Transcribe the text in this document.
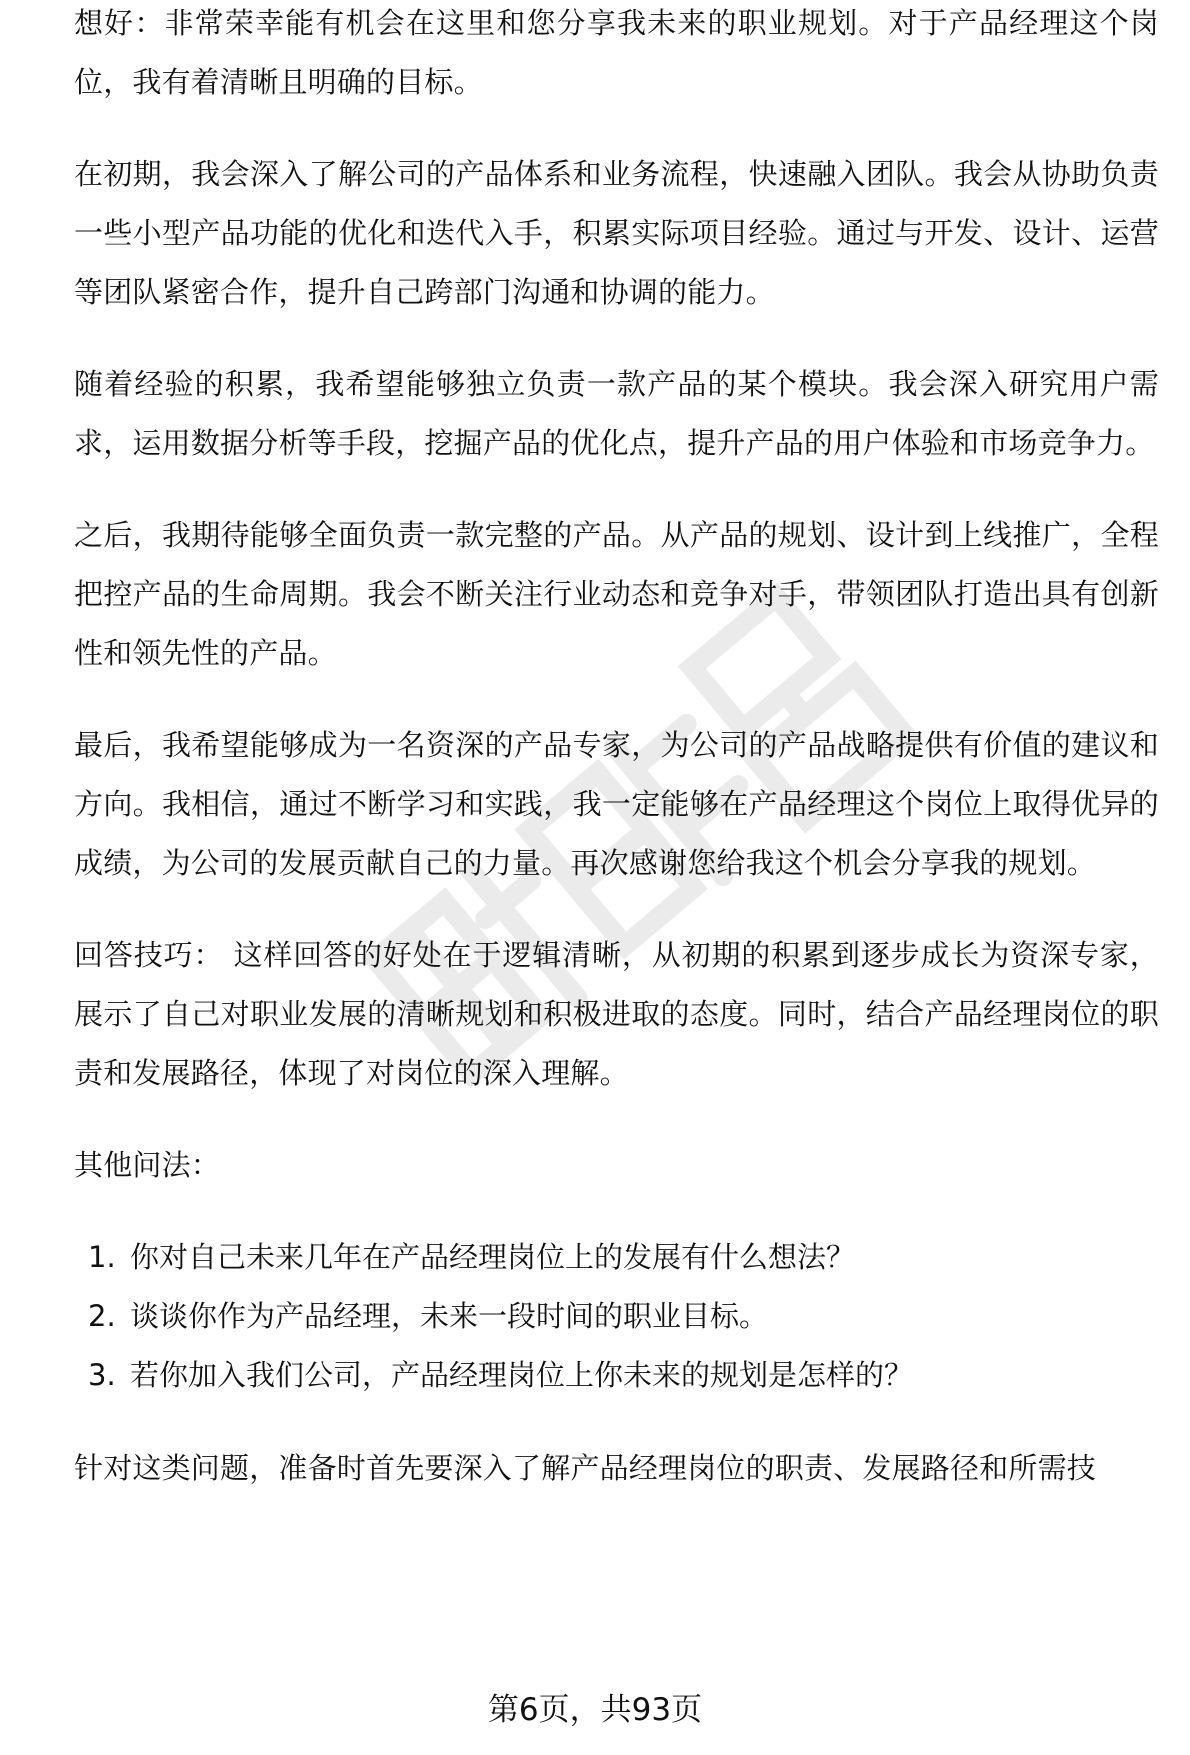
想好：非常荣幸能有机会在这里和您分享我未来的职业规划。对于产品经理这个岗位，我有着清晰且明确的目标。

在初期，我会深入了解公司的产品体系和业务流程，快速融入团队。我会从协助负责一些小型产品功能的优化和迭代入手，积累实际项目经验。通过与开发、设计、运营等团队紧密合作，提升自己跨部门沟通和协调的能力。

随着经验的积累，我希望能够独立负责一款产品的某个模块。我会深入研究用户需求，运用数据分析等手段，挖掘产品的优化点，提升产品的用户体验和市场竞争力。

之后，我期待能够全面负责一款完整的产品。从产品的规划、设计到上线推广，全程把控产品的生命周期。我会不断关注行业动态和竞争对手，带领团队打造出具有创新性和领先性的产品。

最后，我希望能够成为一名资深的产品专家，为公司的产品战略提供有价值的建议和方向。我相信，通过不断学习和实践，我一定能够在产品经理这个岗位上取得优异的成绩，为公司的发展贡献自己的力量。再次感谢您给我这个机会分享我的规划。

回答技巧： 这样回答的好处在于逻辑清晰，从初期的积累到逐步成长为资深专家，展示了自己对职业发展的清晰规划和积极进取的态度。同时，结合产品经理岗位的职责和发展路径，体现了对岗位的深入理解。

其他问法：

1. 你对自己未来几年在产品经理岗位上的发展有什么想法？
2. 谈谈你作为产品经理，未来一段时间的职业目标。
3. 若你加入我们公司，产品经理岗位上你未来的规划是怎样的？

针对这类问题，准备时首先要深入了解产品经理岗位的职责、发展路径和所需技

第6页，共93页
